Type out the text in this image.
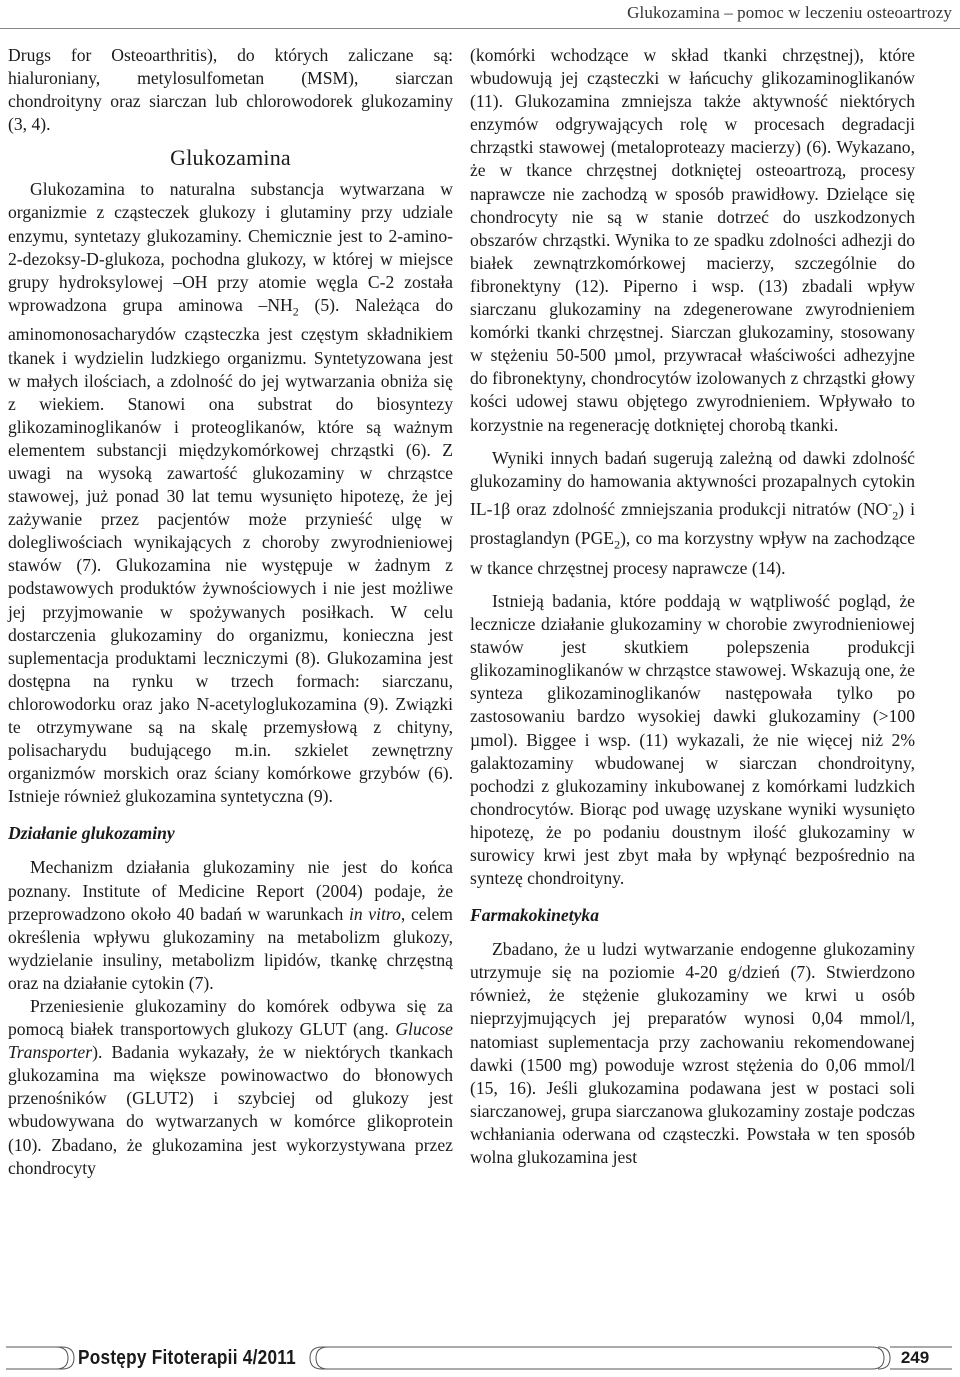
Glukozamina – pomoc w leczeniu osteoartrozy

Drugs for Osteoarthritis), do których zaliczane są: hialuroniany, metylosulfometan (MSM), siarczan chondroityny oraz siarczan lub chlorowodorek glukozaminy (3, 4).

Glukozamina

Glukozamina to naturalna substancja wytwarzana w organizmie z cząsteczek glukozy i glutaminy przy udziale enzymu, syntetazy glukozaminy. Chemicznie jest to 2-amino-2-dezoksy-D-glukoza, pochodna glukozy, w której w miejsce grupy hydroksylowej –OH przy atomie węgla C-2 została wprowadzona grupa aminowa $-NH_2$ (5). Należąca do aminomonosacharydów cząsteczka jest częstym składnikiem tkanek i wydzielin ludzkiego organizmu. Syntetyzowana jest w małych ilościach, a zdolność do jej wytwarzania obniża się z wiekiem. Stanowi ona substrat do biosyntezy glikozaminoglikanów i proteoglikanów, które są ważnym elementem substancji międzykomórkowej chrząstki (6). Z uwagi na wysoką zawartość glukozaminy w chrząstce stawowej, już ponad 30 lat temu wysunięto hipotezę, że jej zażywanie przez pacjentów może przynieść ulgę w dolegliwościach wynikających z choroby zwyrodnieniowej stawów (7). Glukozamina nie występuje w żadnym z podstawowych produktów żywnościowych i nie jest możliwe jej przyjmowanie w spożywanych posiłkach. W celu dostarczenia glukozaminy do organizmu, konieczna jest suplementacja produktami leczniczymi (8). Glukozamina jest dostępna na rynku w trzech formach: siarczanu, chlorowodorku oraz jako N-acetyloglukozamina (9). Związki te otrzymywane są na skalę przemysłową z chityny, polisacharydu budującego m.in. szkielet zewnętrzny organizmów morskich oraz ściany komórkowe grzybów (6). Istnieje również glukozamina syntetyczna (9).

Działanie glukozaminy

Mechanizm działania glukozaminy nie jest do końca poznany. Institute of Medicine Report (2004) podaje, że przeprowadzono około 40 badań w warunkach in vitro, celem określenia wpływu glukozaminy na metabolizm glukozy, wydzielanie insuliny, metabolizm lipidów, tkankę chrzęstną oraz na działanie cytokin (7).

Przeniesienie glukozaminy do komórek odbywa się za pomocą białek transportowych glukozy GLUT (ang. Glucose Transporter). Badania wykazały, że w niektórych tkankach glukozamina ma większe powinowactwo do błonowych przenośników (GLUT2) i szybciej od glukozy jest wbudowywana do wytwarzanych w komórce glikoprotein (10). Zbadano, że glukozamina jest wykorzystywana przez chondrocyty

(komórki wchodzące w skład tkanki chrzęstnej), które wbudowują jej cząsteczki w łańcuchy glikozaminoglikanów (11). Glukozamina zmniejsza także aktywność niektórych enzymów odgrywających rolę w procesach degradacji chrząstki stawowej (metaloproteazy macierzy) (6). Wykazano, że w tkance chrzęstnej dotkniętej osteoartrozą, procesy naprawcze nie zachodzą w sposób prawidłowy. Dzielące się chondrocyty nie są w stanie dotrzeć do uszkodzonych obszarów chrząstki. Wynika to ze spadku zdolności adhezji do białek zewnątrzkomórkowej macierzy, szczególnie do fibronektyny (12). Piperno i wsp. (13) zbadali wpływ siarczanu glukozaminy na zdegenerowane zwyrodnieniem komórki tkanki chrzęstnej. Siarczan glukozaminy, stosowany w stężeniu 50-500 µmol, przywracał właściwości adhezyjne do fibronektyny, chondrocytów izolowanych z chrząstki głowy kości udowej stawu objętego zwyrodnieniem. Wpływało to korzystnie na regenerację dotkniętej chorobą tkanki.

Wyniki innych badań sugerują zależną od dawki zdolność glukozaminy do hamowania aktywności prozapalnych cytokin IL-1β oraz zdolność zmniejszania produkcji nitratów $(NO^-_2)$ i prostaglandyn $(PGE_2)$, co ma korzystny wpływ na zachodzące w tkance chrzęstnej procesy naprawcze (14).

Istnieją badania, które poddają w wątpliwość pogląd, że lecznicze działanie glukozaminy w chorobie zwyrodnieniowej stawów jest skutkiem polepszenia produkcji glikozaminoglikanów w chrząstce stawowej. Wskazują one, że synteza glikozaminoglikanów następowała tylko po zastosowaniu bardzo wysokiej dawki glukozaminy (>100 µmol). Biggee i wsp. (11) wykazali, że nie więcej niż 2% galaktozaminy wbudowanej w siarczan chondroityny, pochodzi z glukozaminy inkubowanej z komórkami ludzkich chondrocytów. Biorąc pod uwagę uzyskane wyniki wysunięto hipotezę, że po podaniu doustnym ilość glukozaminy w surowicy krwi jest zbyt mała by wpłynąć bezpośrednio na syntezę chondroityny.

Farmakokinetyka

Zbadano, że u ludzi wytwarzanie endogenne glukozaminy utrzymuje się na poziomie 4-20 g/dzień (7). Stwierdzono również, że stężenie glukozaminy we krwi u osób nieprzyjmujących jej preparatów wynosi 0,04 mmol/l, natomiast suplementacja przy zachowaniu rekomendowanej dawki (1500 mg) powoduje wzrost stężenia do 0,06 mmol/l (15, 16). Jeśli glukozamina podawana jest w postaci soli siarczanowej, grupa siarczanowa glukozaminy zostaje podczas wchłaniania oderwana od cząsteczki. Powstała w ten sposób wolna glukozamina jest

Postępy Fitoterapii 4/2011	249
